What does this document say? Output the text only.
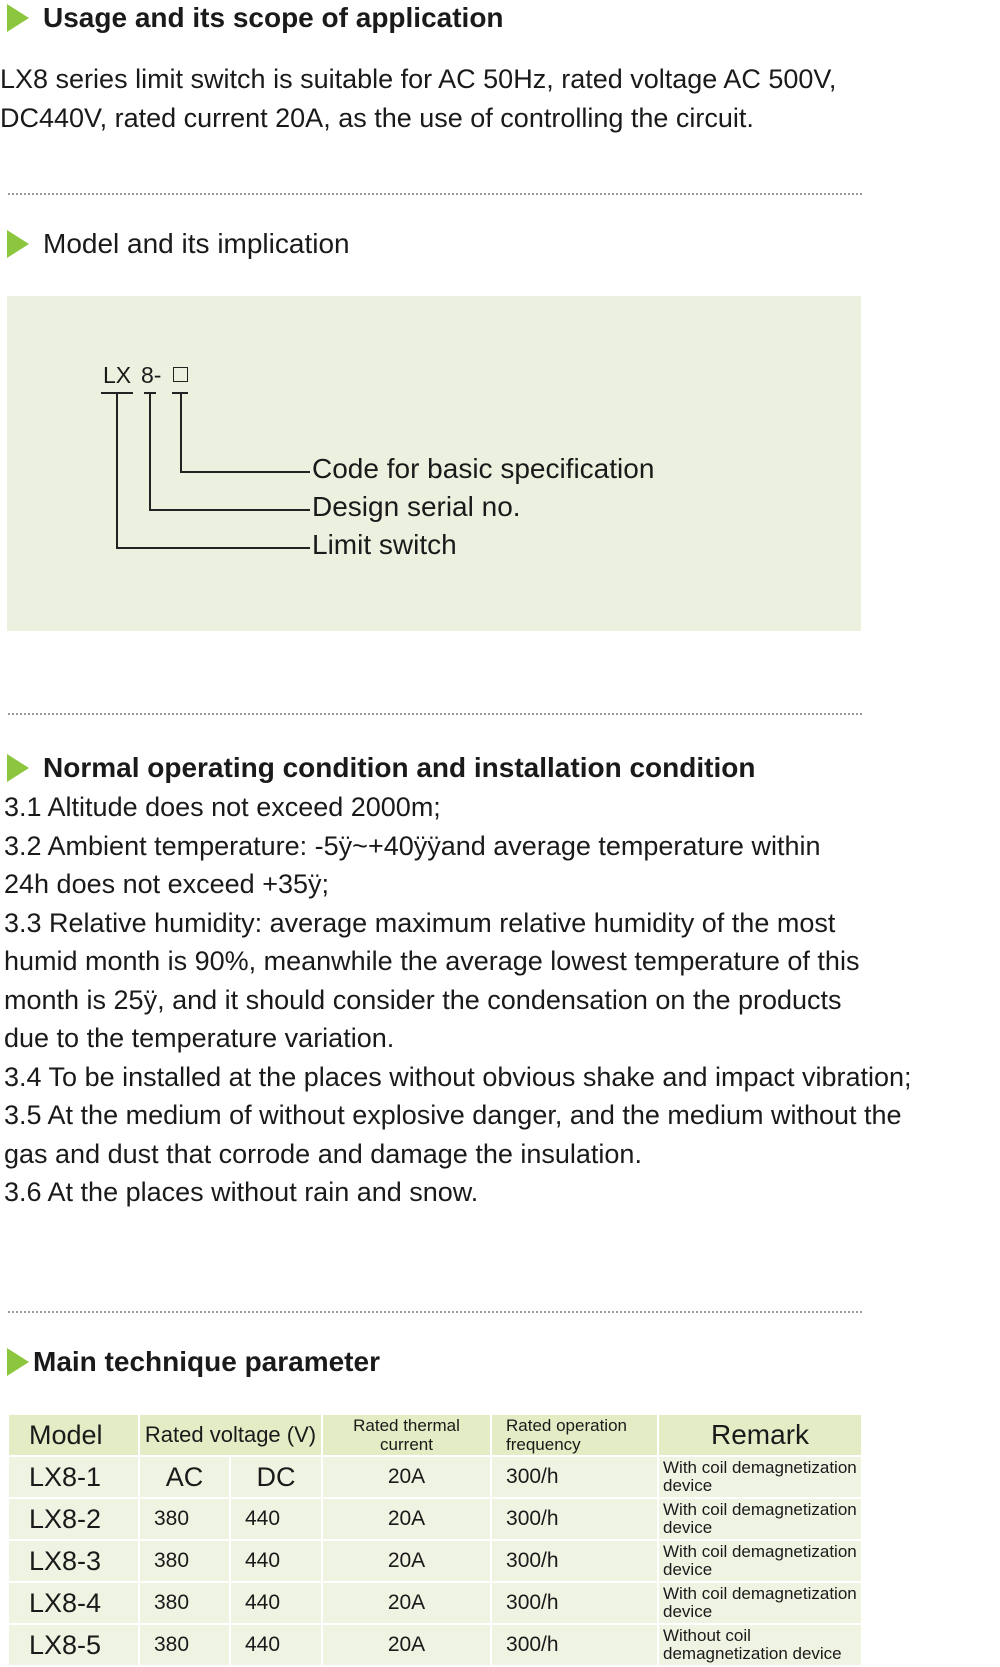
Usage and its scope of application
LX8 series limit switch is suitable for AC 50Hz, rated voltage AC 500V,
DC440V, rated current 20A, as the use of controlling the circuit.
Model and its implication
LX 8-
Code for basic specification
Design serial no.
Limit switch
Normal operating condition and installation condition
3.1 Altitude does not exceed 2000m;
3.2 Ambient temperature: -5ÿ~+40ÿÿand average temperature within
24h does not exceed +35ÿ;
3.3 Relative humidity: average maximum relative humidity of the most
humid month is 90%, meanwhile the average lowest temperature of this
month is 25ÿ, and it should consider the condensation on the products
due to the temperature variation.
3.4 To be installed at the places without obvious shake and impact vibration;
3.5 At the medium of without explosive danger, and the medium without the
gas and dust that corrode and damage the insulation.
3.6 At the places without rain and snow.
Main technique parameter
Model	Rated voltage (V)		Rated thermal current	Rated operation frequency	Remark
LX8-1	AC	DC	20A	300/h	With coil demagnetization device
LX8-2	380	440	20A	300/h	With coil demagnetization device
LX8-3	380	440	20A	300/h	With coil demagnetization device
LX8-4	380	440	20A	300/h	With coil demagnetization device
LX8-5	380	440	20A	300/h	Without coil demagnetization device
